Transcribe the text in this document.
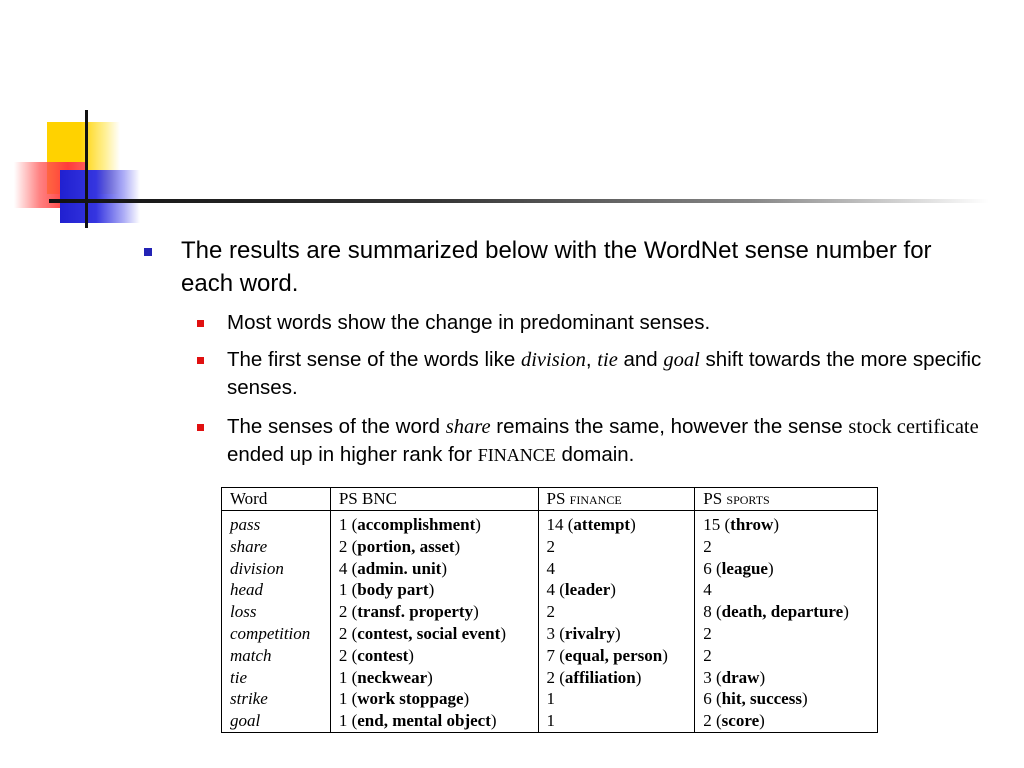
The results are summarized below with the WordNet sense number for each word.
Most words show the change in predominant senses.
The first sense of the words like division, tie and goal shift towards the more specific senses.
The senses of the word share remains the same, however the sense stock certificate ended up in higher rank for FINANCE domain.
Word	PS BNC	PS finance	PS sports
pass	1 (accomplishment)	14 (attempt)	15 (throw)
share	2 (portion, asset)	2	2
division	4 (admin. unit)	4	6 (league)
head	1 (body part)	4 (leader)	4
loss	2 (transf. property)	2	8 (death, departure)
competition	2 (contest, social event)	3 (rivalry)	2
match	2 (contest)	7 (equal, person)	2
tie	1 (neckwear)	2 (affiliation)	3 (draw)
strike	1 (work stoppage)	1	6 (hit, success)
goal	1 (end, mental object)	1	2 (score)
